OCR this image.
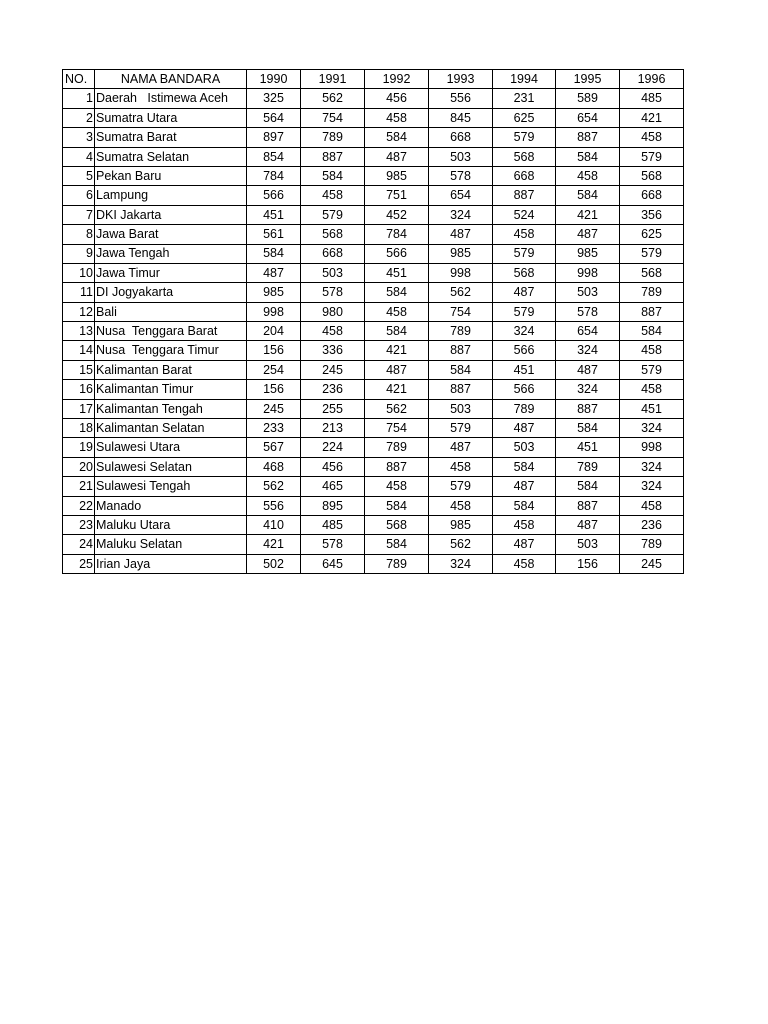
NO.	NAMA BANDARA	1990	1991	1992	1993	1994	1995	1996
1	Daerah   Istimewa Aceh	325	562	456	556	231	589	485
2	Sumatra Utara	564	754	458	845	625	654	421
3	Sumatra Barat	897	789	584	668	579	887	458
4	Sumatra Selatan	854	887	487	503	568	584	579
5	Pekan Baru	784	584	985	578	668	458	568
6	Lampung	566	458	751	654	887	584	668
7	DKI Jakarta	451	579	452	324	524	421	356
8	Jawa Barat	561	568	784	487	458	487	625
9	Jawa Tengah	584	668	566	985	579	985	579
10	Jawa Timur	487	503	451	998	568	998	568
11	DI Jogyakarta	985	578	584	562	487	503	789
12	Bali	998	980	458	754	579	578	887
13	Nusa  Tenggara Barat	204	458	584	789	324	654	584
14	Nusa  Tenggara Timur	156	336	421	887	566	324	458
15	Kalimantan Barat	254	245	487	584	451	487	579
16	Kalimantan Timur	156	236	421	887	566	324	458
17	Kalimantan Tengah	245	255	562	503	789	887	451
18	Kalimantan Selatan	233	213	754	579	487	584	324
19	Sulawesi Utara	567	224	789	487	503	451	998
20	Sulawesi Selatan	468	456	887	458	584	789	324
21	Sulawesi Tengah	562	465	458	579	487	584	324
22	Manado	556	895	584	458	584	887	458
23	Maluku Utara	410	485	568	985	458	487	236
24	Maluku Selatan	421	578	584	562	487	503	789
25	Irian Jaya	502	645	789	324	458	156	245
